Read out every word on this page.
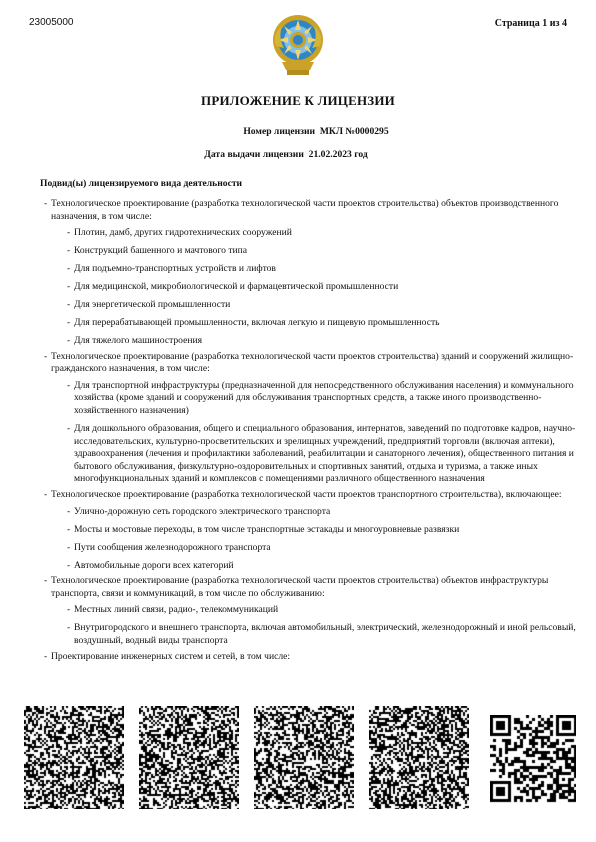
23005000	Страница 1 из 4
ПРИЛОЖЕНИЕ К ЛИЦЕНЗИИ
Номер лицензии МКЛ №0000295
Дата выдачи лицензии 21.02.2023 год
Подвид(ы) лицензируемого вида деятельности
- Технологическое проектирование (разработка технологической части проектов строительства) объектов производственного назначения, в том числе:
- Плотин, дамб, других гидротехнических сооружений
- Конструкций башенного и мачтового типа
- Для подъемно-транспортных устройств и лифтов
- Для медицинской, микробиологической и фармацевтической промышленности
- Для энергетической промышленности
- Для перерабатывающей промышленности, включая легкую и пищевую промышленность
- Для тяжелого машиностроения
- Технологическое проектирование (разработка технологической части проектов строительства) зданий и сооружений жилищно-гражданского назначения, в том числе:
- Для транспортной инфраструктуры (предназначенной для непосредственного обслуживания населения) и коммунального хозяйства (кроме зданий и сооружений для обслуживания транспортных средств, а также иного производственно-хозяйственного назначения)
- Для дошкольного образования, общего и специального образования, интернатов, заведений по подготовке кадров, научно-исследовательских, культурно-просветительских и зрелищных учреждений, предприятий торговли (включая аптеки), здравоохранения (лечения и профилактики заболеваний, реабилитации и санаторного лечения), общественного питания и бытового обслуживания, физкультурно-оздоровительных и спортивных занятий, отдыха и туризма, а также иных многофункциональных зданий и комплексов с помещениями различного общественного назначения
- Технологическое проектирование (разработка технологической части проектов транспортного строительства), включающее:
- Улично-дорожную сеть городского электрического транспорта
- Мосты и мостовые переходы, в том числе транспортные эстакады и многоуровневые развязки
- Пути сообщения железнодорожного транспорта
- Автомобильные дороги всех категорий
- Технологическое проектирование (разработка технологической части проектов строительства) объектов инфраструктуры транспорта, связи и коммуникаций, в том числе по обслуживанию:
- Местных линий связи, радио-, телекоммуникаций
- Внутригородского и внешнего транспорта, включая автомобильный, электрический, железнодорожный и иной рельсовый, воздушный, водный виды транспорта
- Проектирование инженерных систем и сетей, в том числе:
